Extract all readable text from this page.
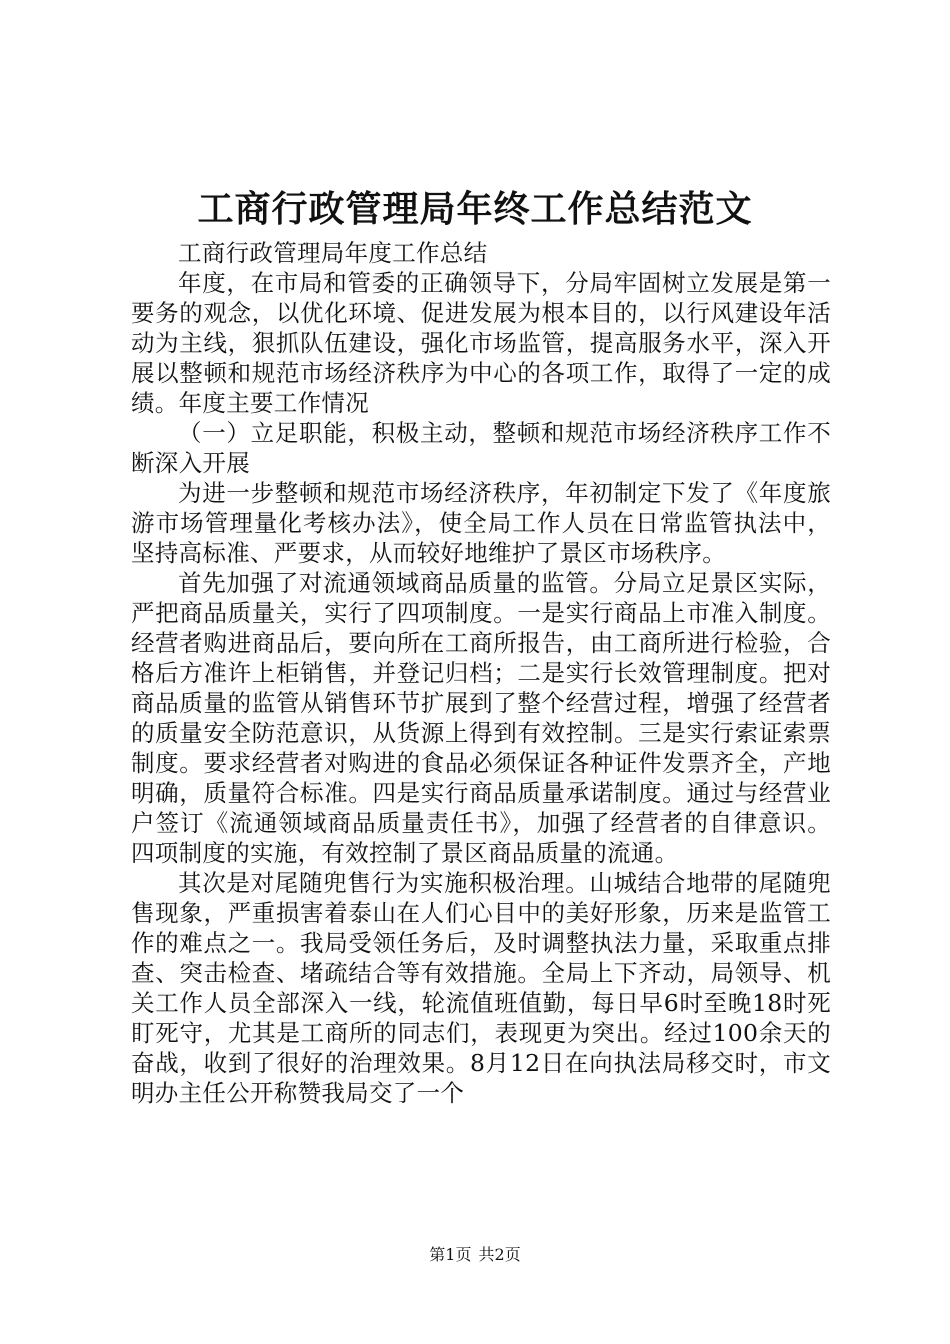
工商行政管理局年终工作总结范文

工商行政管理局年度工作总结

年度，在市局和管委的正确领导下，分局牢固树立发展是第一要务的观念，以优化环境、促进发展为根本目的，以行风建设年活动为主线，狠抓队伍建设，强化市场监管，提高服务水平，深入开展以整顿和规范市场经济秩序为中心的各项工作，取得了一定的成绩。年度主要工作情况

（一）立足职能，积极主动，整顿和规范市场经济秩序工作不断深入开展

为进一步整顿和规范市场经济秩序，年初制定下发了《年度旅游市场管理量化考核办法》，使全局工作人员在日常监管执法中，坚持高标准、严要求，从而较好地维护了景区市场秩序。

首先加强了对流通领域商品质量的监管。分局立足景区实际，严把商品质量关，实行了四项制度。一是实行商品上市准入制度。经营者购进商品后，要向所在工商所报告，由工商所进行检验，合格后方准许上柜销售，并登记归档；二是实行长效管理制度。把对商品质量的监管从销售环节扩展到了整个经营过程，增强了经营者的质量安全防范意识，从货源上得到有效控制。三是实行索证索票制度。要求经营者对购进的食品必须保证各种证件发票齐全，产地明确，质量符合标准。四是实行商品质量承诺制度。通过与经营业户签订《流通领域商品质量责任书》，加强了经营者的自律意识。四项制度的实施，有效控制了景区商品质量的流通。

其次是对尾随兜售行为实施积极治理。山城结合地带的尾随兜售现象，严重损害着泰山在人们心目中的美好形象，历来是监管工作的难点之一。我局受领任务后，及时调整执法力量，采取重点排查、突击检查、堵疏结合等有效措施。全局上下齐动，局领导、机关工作人员全部深入一线，轮流值班值勤，每日早6时至晚18时死盯死守，尤其是工商所的同志们，表现更为突出。经过100余天的奋战，收到了很好的治理效果。8月12日在向执法局移交时，市文明办主任公开称赞我局交了一个

第1页 共2页
